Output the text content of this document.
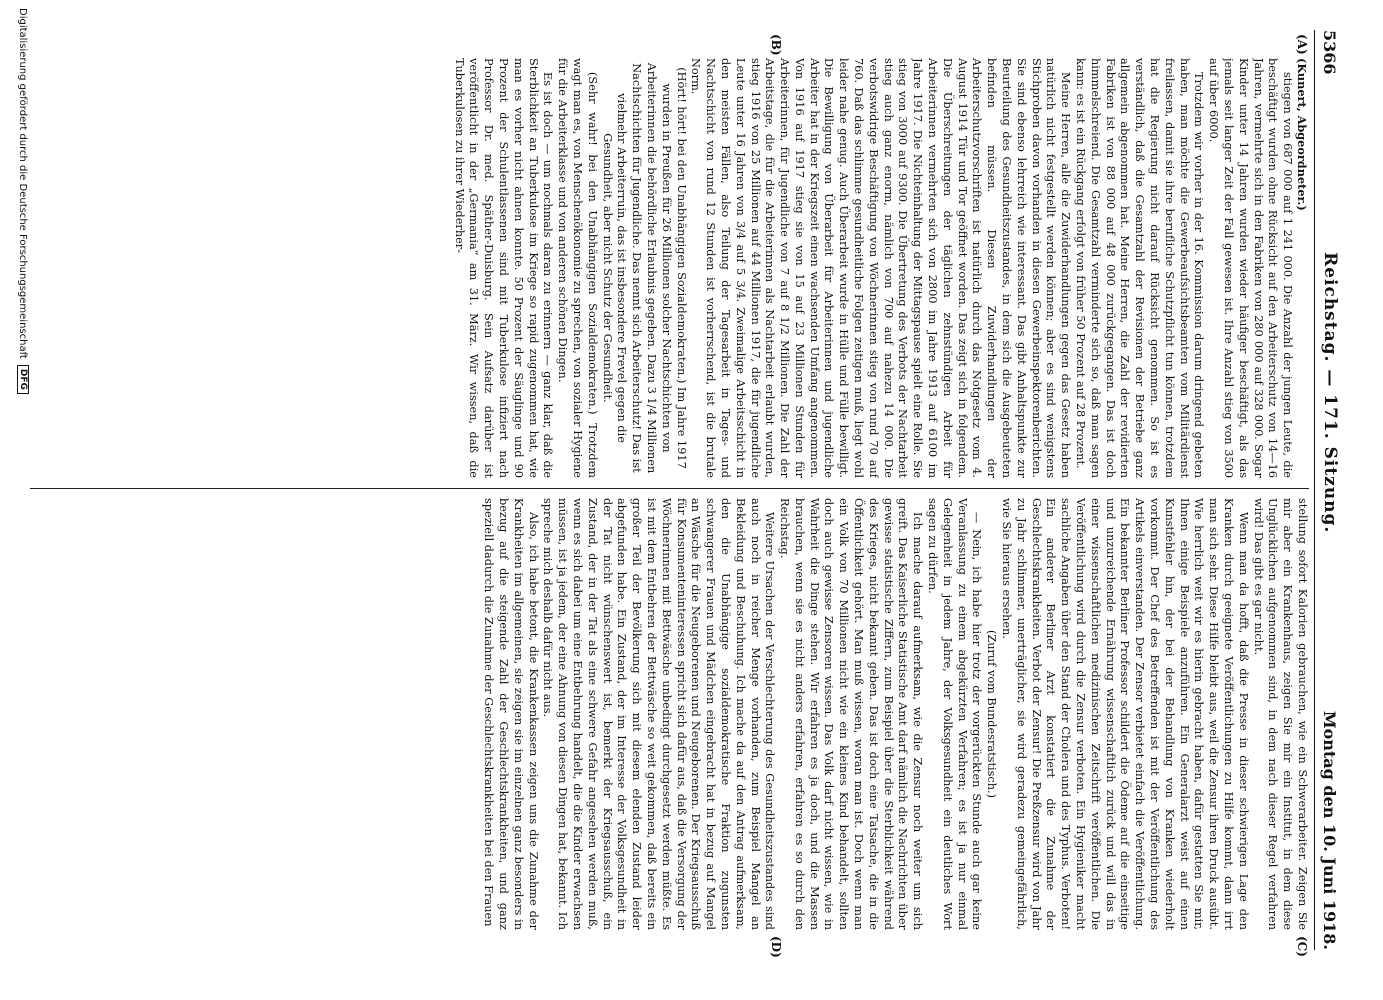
5366
Reichstag. — 171. Sitzung.
Montag den 10. Juni 1918.
(A)
(B)
(C)
(D)

(Kunert, Abgeordneter.)

stiegen von 687 000 auf 1 241 000. Die Anzahl der jungen Leute, die beschäftigt wurden ohne Rücksicht auf den Arbeiterschutz von 14—16 Jahren, vermehrte sich in den Fabriken von 280 000 auf 328 000. Sogar Kinder unter 14 Jahren wurden wieder häufiger beschäftigt, als das jemals seit langer Zeit der Fall gewesen ist. Ihre Anzahl stieg von 3500 auf über 6000.

Trotzdem wir vorher in der 16. Kommission darum dringend gebeten haben, man möchte die Gewerbeaufsichtsbeamten vom Militärdienst freilassen, damit sie ihre berufliche Schutzpflicht tun können, trotzdem hat die Regierung nicht darauf Rücksicht genommen. So ist es verständlich, daß die Gesamtzahl der Revisionen der Betriebe ganz allgemein abgenommen hat. Meine Herren, die Zahl der revidierten Fabriken ist von 88 000 auf 48 000 zurückgegangen. Das ist doch himmelschreiend. Die Gesamtzahl verminderte sich so, daß man sagen kann: es ist ein Rückgang erfolgt von früher 50 Prozent auf 28 Prozent.

Meine Herren, alle die Zuwiderhandlungen gegen das Gesetz haben natürlich nicht festgestellt werden können; aber es sind wenigstens Stichproben davon vorhanden in diesen Gewerbeinspektorenberichten. Sie sind ebenso lehrreich wie interessant. Das gibt Anhaltspunkte zur Beurteilung des Gesundheitszustandes, in dem sich die Ausgebeuteten befinden müssen. Diesen Zuwiderhandlungen der Arbeiterschutzvorschriften ist natürlich durch das Notgesetz vom 4. August 1914 Tür und Tor geöffnet worden. Das zeigt sich in folgendem. Die Überschreitungen der täglichen zehnstündigen Arbeit für Arbeiterinnen vermehrten sich von 2800 im Jahre 1913 auf 6100 im Jahre 1917. Die Nichteinhaltung der Mittagspause spielt eine Rolle. Sie stieg von 3000 auf 9300. Die Übertretung des Verbots der Nachtarbeit stieg auch ganz enorm, nämlich von 700 auf nahezu 14 000. Die verbotswidrige Beschäftigung von Wöchnerinnen stieg von rund 70 auf 760. Daß das schlimme gesundheitliche Folgen zeitigen muß, liegt wohl leider nahe genug. Auch Überarbeit wurde in Hülle und Fülle bewilligt. Die Bewilligung von Überarbeit für Arbeiterinnen und jugendliche Arbeiter hat in der Kriegszeit einen wachsenden Umfang angenommen. Von 1916 auf 1917 stieg sie von 15 auf 23 Millionen Stunden für Arbeiterinnen, für Jugendliche von 7 auf 8 1/2 Millionen. Die Zahl der Arbeitstage, die für die Arbeiterinnen als Nachtarbeit erlaubt wurden, stieg 1916 von 25 Millionen auf 44 Millionen 1917, die für jugendliche Leute unter 16 Jahren von 3/4 auf 5 3/4. Zweimalige Arbeitsschicht in den meisten Fällen, also Teilung der Tagesarbeit in Tages- und Nachtschicht von rund 12 Stunden ist vorherrschend, ist die brutale Norm.

(Hört! hört! bei den Unabhängigen Sozialdemokraten.) Im Jahre 1917 wurden in Preußen für 26 Millionen solcher Nachtschichten von Arbeiterinnen die behördliche Erlaubnis gegeben. Dazu 3 1/4 Millionen Nachtschichten für Jugendliche. Das nennt sich Arbeiterschutz! Das ist vielmehr Arbeiterruin, das ist insbesondere Frevel gegen die Gesundheit, aber nicht Schutz der Gesundheit.

(Sehr wahr! bei den Unabhängigen Sozialdemokraten.) Trotzdem wagt man es, von Menschenökonomie zu sprechen, von sozialer Hygiene für die Arbeiterklasse und von anderen schönen Dingen.

Es ist doch — um nochmals daran zu erinnern — ganz klar, daß die Sterblichkeit an Tuberkulose im Kriege so rapid zugenommen hat, wie man es vorher nicht ahnen konnte. 50 Prozent der Säuglinge und 90 Prozent der Schulentlassenen sind mit Tuberkulose infiziert nach Professor Dr. med. Späther-Duisburg. Sein Aufsatz darüber ist veröffentlicht in der „Germania“ am 31. März. Wir wissen, daß die Tuberkulosen zu ihrer Wiederher-

stellung sofort Kalorien gebrauchen, wie ein Schwerarbeiter. Zeigen Sie mir aber ein Krankenhaus, zeigen Sie mir ein Institut, in dem diese Unglücklichen aufgenommen sind, in dem nach dieser Regel verfahren wird! Das gibt es gar nicht.

Wenn man da hofft, daß die Presse in dieser schwierigen Lage den Kranken durch geeignete Veröffentlichungen zu Hilfe kommt, dann irrt man sich sehr. Diese Hilfe bleibt aus, weil die Zensur ihren Druck ausübt. Wie herrlich weit wir es hierin gebracht haben, dafür gestatten Sie mir, Ihnen einige Beispiele anzuführen. Ein Generalarzt weist auf einen Kunstfehler hin, der bei der Behandlung von Kranken wiederholt vorkommt. Der Chef des Betreffenden ist mit der Veröffentlichung des Artikels einverstanden. Der Zensor verbietet einfach die Veröffentlichung. Ein bekannter Berliner Professor schildert die Ödeme auf die einseitige und unzureichende Ernährung wissenschaftlich zurück und will das in einer wissenschaftlichen medizinischen Zeitschrift veröffentlichen. Die Veröffentlichung wird durch die Zensur verboten. Ein Hygieniker macht sachliche Angaben über den Stand der Cholera und des Typhus. Verboten! Ein anderer Berliner Arzt konstatiert die Zunahme der Geschlechtskrankheiten. Verbot der Zensur! Die Preßzensur wird von Jahr zu Jahr schlimmer, unerträglicher, sie wird geradezu gemeingefährlich, wie Sie hieraus ersehen.

(Zuruf vom Bundesratstisch.)

— Nein, ich habe hier trotz der vorgerückten Stunde auch gar keine Veranlassung zu einem abgekürzten Verfahren; es ist ja nur einmal Gelegenheit in jedem Jahre, der Volksgesundheit ein deutliches Wort sagen zu dürfen.

Ich mache darauf aufmerksam, wie die Zensur noch weiter um sich greift. Das Kaiserliche Statistische Amt darf nämlich die Nachrichten über gewisse statistische Ziffern, zum Beispiel über die Sterblichkeit während des Krieges, nicht bekannt geben. Das ist doch eine Tatsache, die in die Öffentlichkeit gehört. Man muß wissen, woran man ist. Doch wenn man ein Volk von 70 Millionen nicht wie ein kleines Kind behandelt, sollten doch auch gewisse Zensoren wissen. Das Volk darf nicht wissen, wie in Wahrheit die Dinge stehen. Wir erfahren es ja doch, und die Massen brauchen, wenn sie es nicht anders erfahren, erfahren es so durch den Reichstag.

Weitere Ursachen der Verschlechterung des Gesundheitszustandes sind auch noch in reicher Menge vorhanden, zum Beispiel Mangel an Bekleidung und Beschuhung. Ich mache da auf den Antrag aufmerksam, den die Unabhängige sozialdemokratische Fraktion zugunsten schwangerer Frauen und Mädchen eingebracht hat in bezug auf Mangel an Wäsche für die Neugeborenen und Neugeborenen. Der Kriegsausschuß für Konsumenteninteressen spricht sich dafür aus, daß die Versorgung der Wöchnerinnen mit Bettwäsche unbedingt durchgesetzt werden müßte. Es ist mit dem Entbehren der Bettwäsche so weit gekommen, daß bereits ein großer Teil der Bevölkerung sich mit diesem elenden Zustand leider abgefunden habe. Ein Zustand, der im Interesse der Volksgesundheit in der Tat nicht wünschenswert ist, bemerkt der Kriegsausschuß, ein Zustand, der in der Tat als eine schwere Gefahr angesehen werden muß, wenn es sich dabei um eine Entbehrung handelt, die die Kinder erwachsen müssen, ist ja jedem, der eine Ahnung von diesen Dingen hat, bekannt. Ich spreche mich deshalb dafür nicht aus.

Also, ich habe betont, die Krankenkassen zeigen uns die Zunahme der Krankheiten im allgemeinen, sie zeigen sie im einzelnen ganz besonders in bezug auf die steigende Zahl der Geschlechtskrankheiten, und ganz speziell dadurch die Zunahme der Geschlechtskrankheiten bei den Frauen

Digitalisierung gefördert durch die Deutsche Forschungsgemeinschaft
DFG
